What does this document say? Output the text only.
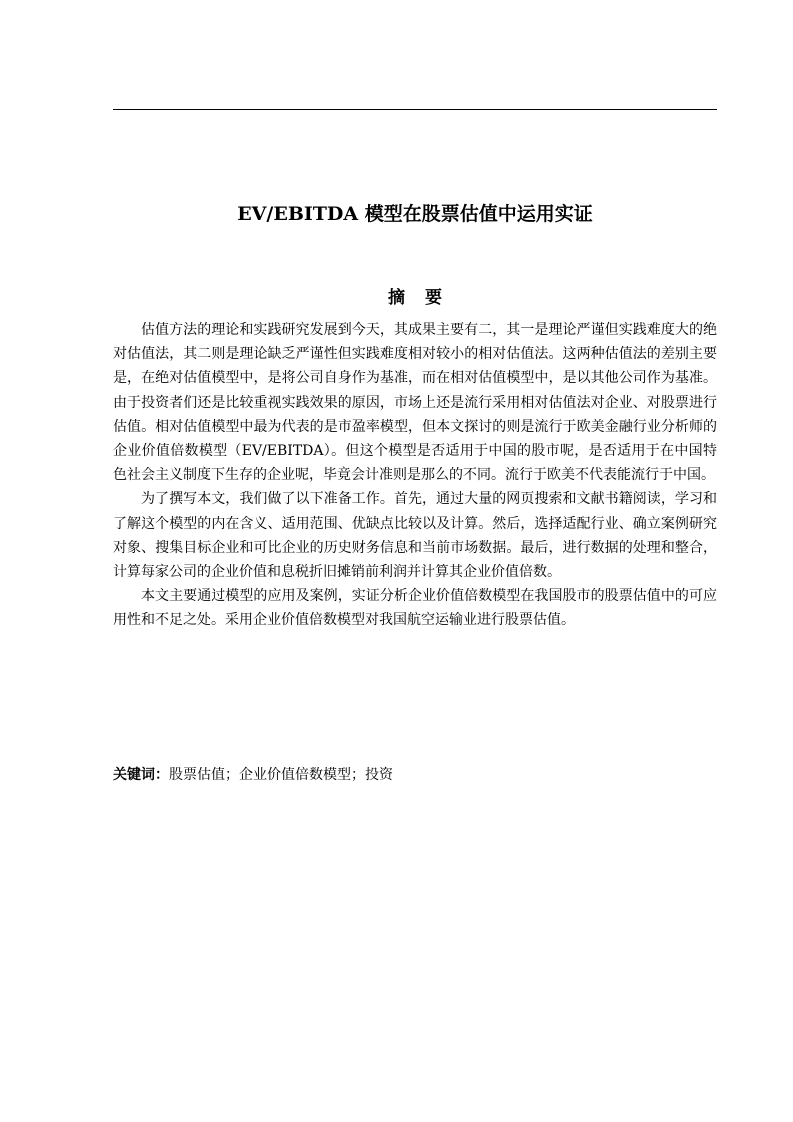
EV/EBITDA 模型在股票估值中运用实证
摘要

估值方法的理论和实践研究发展到今天，其成果主要有二，其一是理论严谨但实践难度大的绝对估值法，其二则是理论缺乏严谨性但实践难度相对较小的相对估值法。这两种估值法的差别主要是，在绝对估值模型中，是将公司自身作为基准，而在相对估值模型中，是以其他公司作为基准。由于投资者们还是比较重视实践效果的原因，市场上还是流行采用相对估值法对企业、对股票进行估值。相对估值模型中最为代表的是市盈率模型，但本文探讨的则是流行于欧美金融行业分析师的企业价值倍数模型（EV/EBITDA）。但这个模型是否适用于中国的股市呢，是否适用于在中国特色社会主义制度下生存的企业呢，毕竟会计准则是那么的不同。流行于欧美不代表能流行于中国。

为了撰写本文，我们做了以下准备工作。首先，通过大量的网页搜索和文献书籍阅读，学习和了解这个模型的内在含义、适用范围、优缺点比较以及计算。然后，选择适配行业、确立案例研究对象、搜集目标企业和可比企业的历史财务信息和当前市场数据。最后，进行数据的处理和整合，计算每家公司的企业价值和息税折旧摊销前利润并计算其企业价值倍数。

本文主要通过模型的应用及案例，实证分析企业价值倍数模型在我国股市的股票估值中的可应用性和不足之处。采用企业价值倍数模型对我国航空运输业进行股票估值。

关键词：股票估值；企业价值倍数模型；投资
